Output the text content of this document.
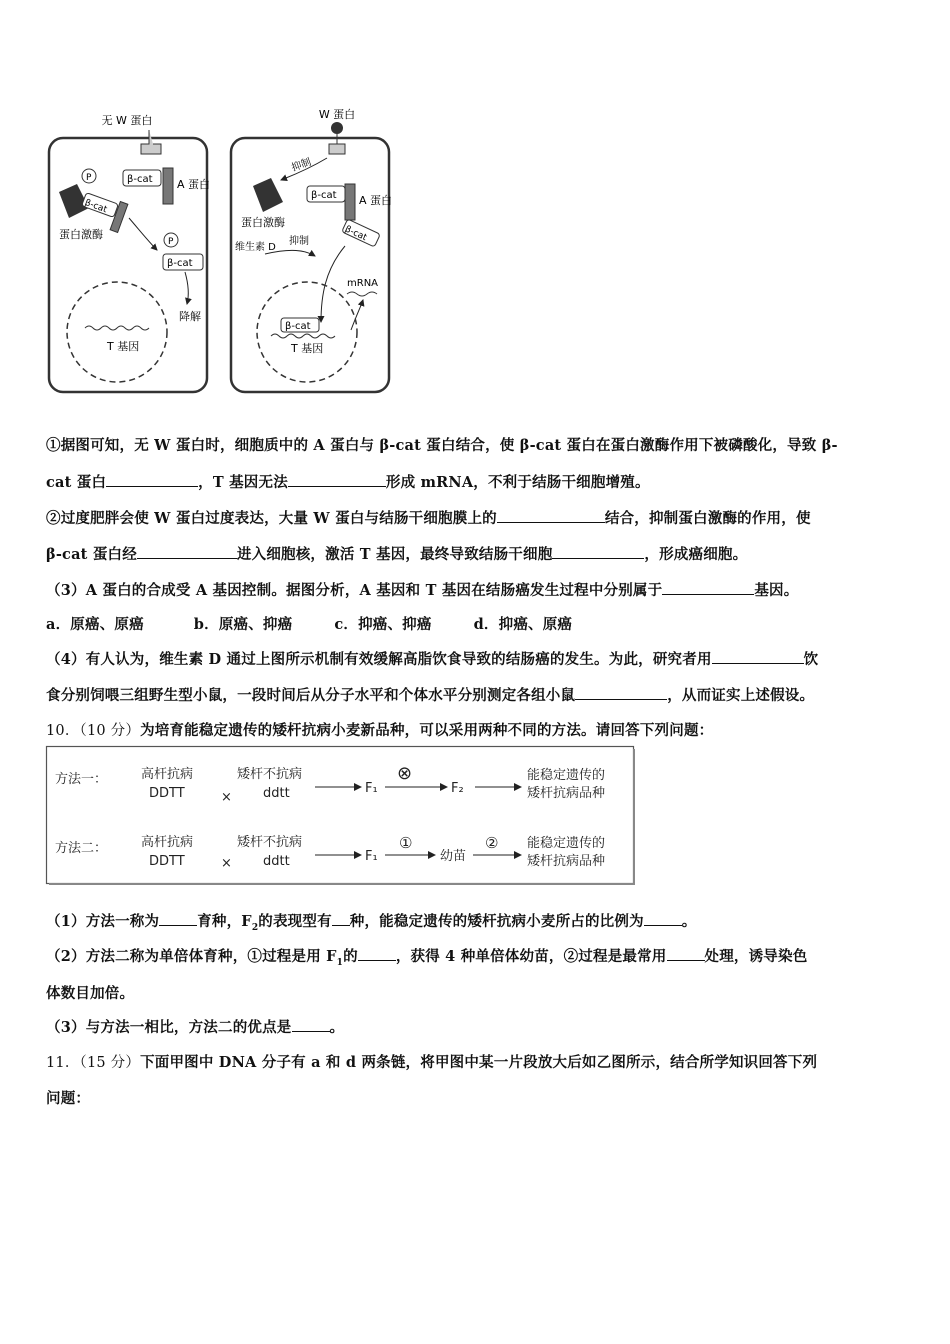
无 W 蛋白
A 蛋白
β-cat
P
β-cat
蛋白激酶
P
β-cat
降解
T 基因
W 蛋白
抑制
蛋白激酶
A 蛋白
β-cat
维生素 D
抑制	β-cat
mRNA
β-cat
T 基因
①据图可知，无 W 蛋白时，细胞质中的 A 蛋白与 β-cat 蛋白结合，使 β-cat 蛋白在蛋白激酶作用下被磷酸化，导致 β-
cat 蛋白	，T 基因无法	形成 mRNA，不利于结肠干细胞增殖。
②过度肥胖会使 W 蛋白过度表达，大量 W 蛋白与结肠干细胞膜上的	结合，抑制蛋白激酶的作用，使
β-cat 蛋白经	进入细胞核，激活 T 基因，最终导致结肠干细胞	，形成癌细胞。
（3）A 蛋白的合成受 A 基因控制。据图分析，A 基因和 T 基因在结肠癌发生过程中分别属于	基因。
a．原癌、原癌	b．原癌、抑癌	c．抑癌、抑癌	d．抑癌、原癌
（4）有人认为，维生素 D 通过上图所示机制有效缓解高脂饮食导致的结肠癌的发生。为此，研究者用	饮
食分别饲喂三组野生型小鼠，一段时间后从分子水平和个体水平分别测定各组小鼠	，从而证实上述假设。
10．（10 分）为培育能稳定遗传的矮杆抗病小麦新品种，可以采用两种不同的方法。请回答下列问题：
方法一：	高杆抗病
DDTT	×
矮杆不抗病
ddtt	F₁
⊗
F₂
能稳定遗传的
矮杆抗病品种
方法二：	高杆抗病
DDTT	×
矮杆不抗病
ddtt	F₁
①
幼苗
② 能稳定遗传的
矮杆抗病品种
（1）方法一称为	育种，$F_2$的表现型有 种，能稳定遗传的矮杆抗病小麦所占的比例为	。
（2）方法二称为单倍体育种，①过程是用 $F_1$的	，获得 4 种单倍体幼苗，②过程是最常用	处理，诱导染色
体数目加倍。
（3）与方法一相比，方法二的优点是	。
11．（15 分）下面甲图中 DNA 分子有 a 和 d 两条链，将甲图中某一片段放大后如乙图所示，结合所学知识回答下列
问题：
